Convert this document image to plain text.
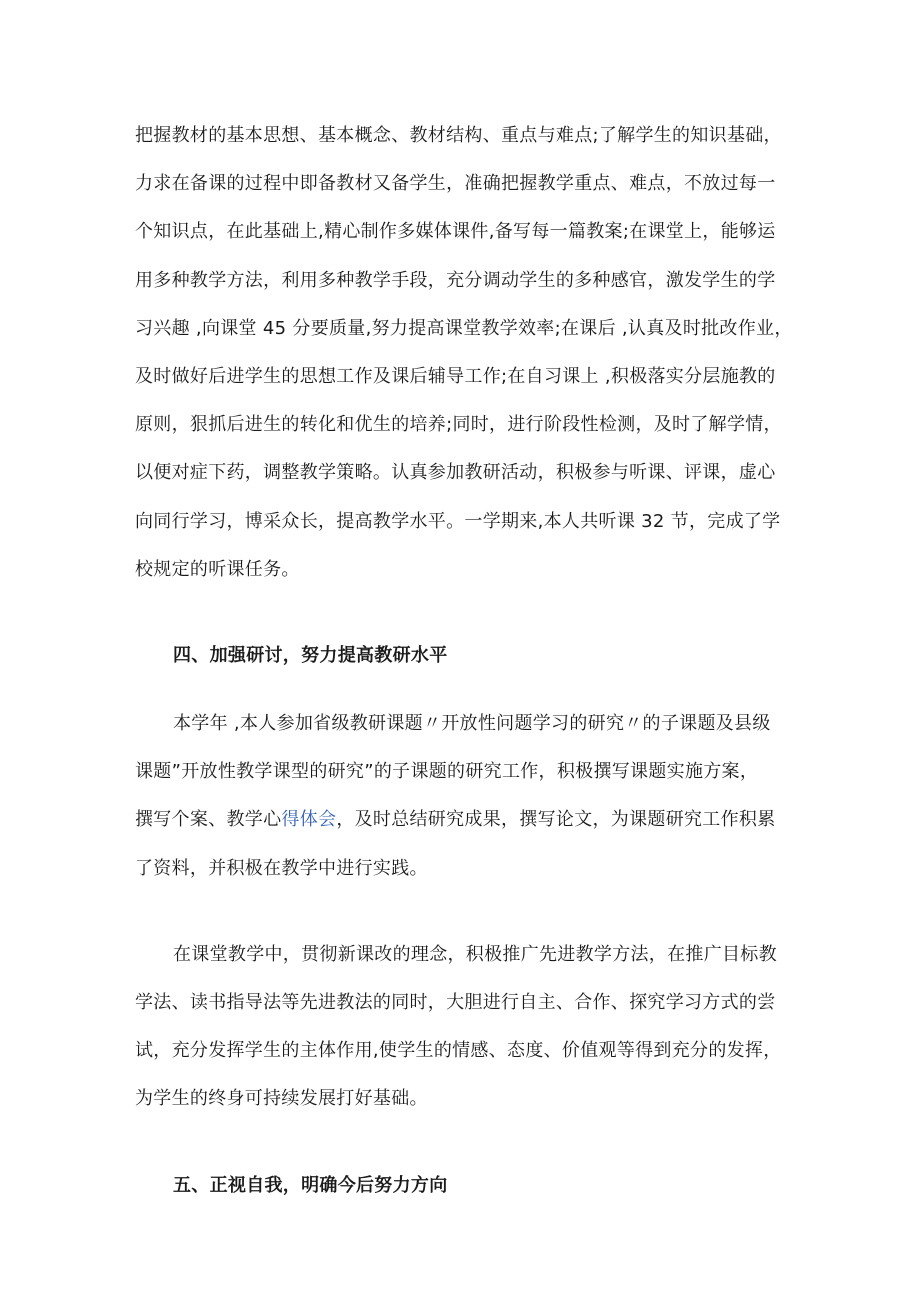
把握教材的基本思想、基本概念、教材结构、重点与难点;了解学生的知识基础，
力求在备课的过程中即备教材又备学生，准确把握教学重点、难点，不放过每一
个知识点，在此基础上,精心制作多媒体课件,备写每一篇教案;在课堂上，能够运
用多种教学方法，利用多种教学手段，充分调动学生的多种感官，激发学生的学
习兴趣 ,向课堂 45 分要质量,努力提高课堂教学效率;在课后 ,认真及时批改作业，
及时做好后进学生的思想工作及课后辅导工作;在自习课上 ,积极落实分层施教的
原则，狠抓后进生的转化和优生的培养;同时，进行阶段性检测，及时了解学情，
以便对症下药，调整教学策略。认真参加教研活动，积极参与听课、评课，虚心
向同行学习，博采众长，提高教学水平。一学期来,本人共听课 32 节，完成了学
校规定的听课任务。

四、加强研讨，努力提高教研水平

本学年 ,本人参加省级教研课题〃开放性问题学习的研究〃的子课题及县级
课题”开放性教学课型的研究”的子课题的研究工作，积极撰写课题实施方案，
撰写个案、教学心得体会，及时总结研究成果，撰写论文，为课题研究工作积累
了资料，并积极在教学中进行实践。

在课堂教学中，贯彻新课改的理念，积极推广先进教学方法，在推广目标教
学法、读书指导法等先进教法的同时，大胆进行自主、合作、探究学习方式的尝
试，充分发挥学生的主体作用,使学生的情感、态度、价值观等得到充分的发挥，
为学生的终身可持续发展打好基础。

五、正视自我，明确今后努力方向
